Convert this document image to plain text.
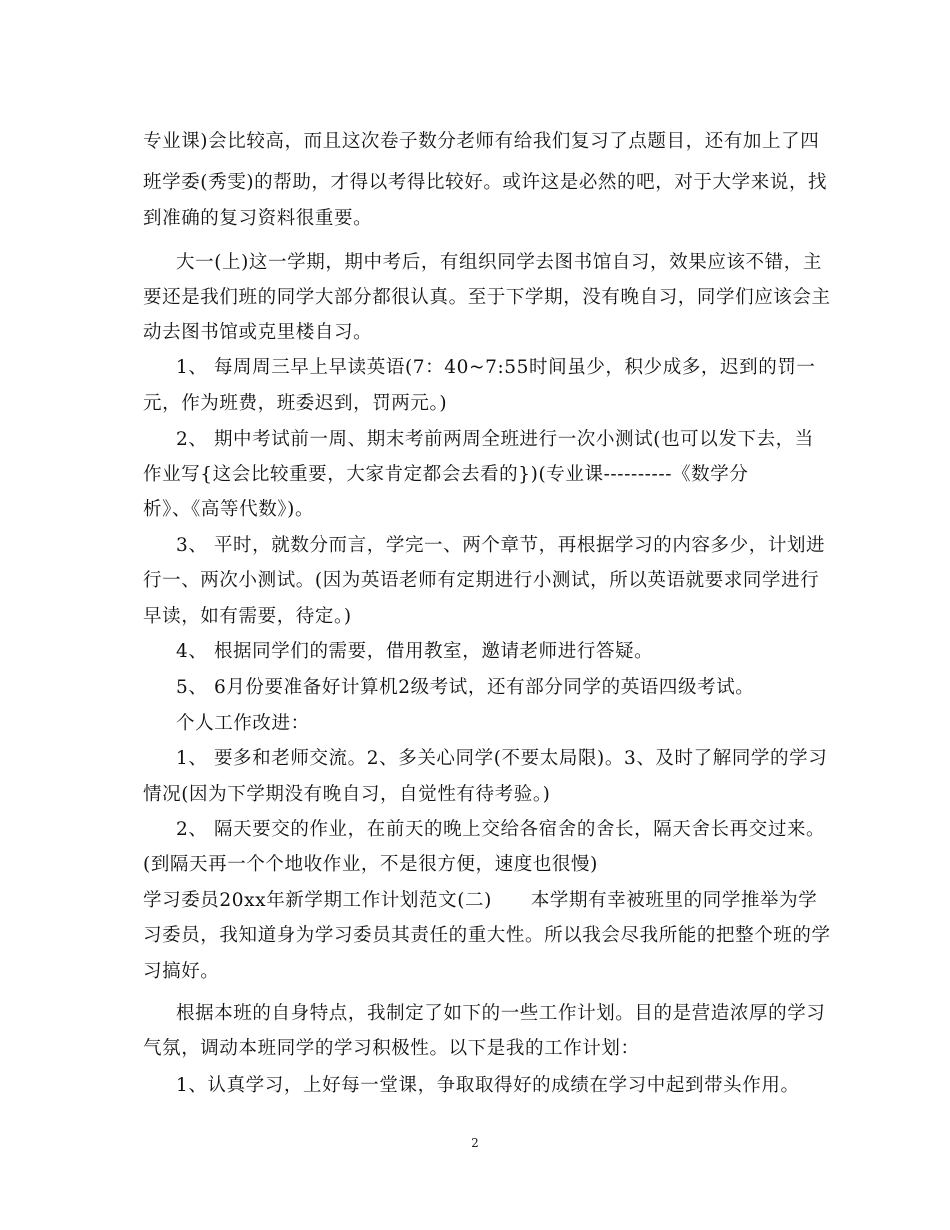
专业课)会比较高，而且这次卷子数分老师有给我们复习了点题目，还有加上了四
班学委(秀雯)的帮助，才得以考得比较好。或许这是必然的吧，对于大学来说，找
到准确的复习资料很重要。
大一(上)这一学期，期中考后，有组织同学去图书馆自习，效果应该不错，主
要还是我们班的同学大部分都很认真。至于下学期，没有晚自习，同学们应该会主
动去图书馆或克里楼自习。
1、 每周周三早上早读英语(7：40~7:55时间虽少，积少成多，迟到的罚一
元，作为班费，班委迟到，罚两元。)
2、 期中考试前一周、期末考前两周全班进行一次小测试(也可以发下去，当
作业写{这会比较重要，大家肯定都会去看的})(专业课----------《数学分
析》、《高等代数》)。
3、 平时，就数分而言，学完一、两个章节，再根据学习的内容多少，计划进
行一、两次小测试。(因为英语老师有定期进行小测试，所以英语就要求同学进行
早读，如有需要，待定。)
4、 根据同学们的需要，借用教室，邀请老师进行答疑。
5、 6月份要准备好计算机2级考试，还有部分同学的英语四级考试。
个人工作改进：
1、 要多和老师交流。2、多关心同学(不要太局限)。3、及时了解同学的学习
情况(因为下学期没有晚自习，自觉性有待考验。)
2、 隔天要交的作业，在前天的晚上交给各宿舍的舍长，隔天舍长再交过来。
(到隔天再一个个地收作业，不是很方便，速度也很慢)
学习委员20xx年新学期工作计划范文(二)      本学期有幸被班里的同学推举为学
习委员，我知道身为学习委员其责任的重大性。所以我会尽我所能的把整个班的学
习搞好。
根据本班的自身特点，我制定了如下的一些工作计划。目的是营造浓厚的学习
气氛，调动本班同学的学习积极性。以下是我的工作计划：
1、认真学习，上好每一堂课，争取取得好的成绩在学习中起到带头作用。
2
